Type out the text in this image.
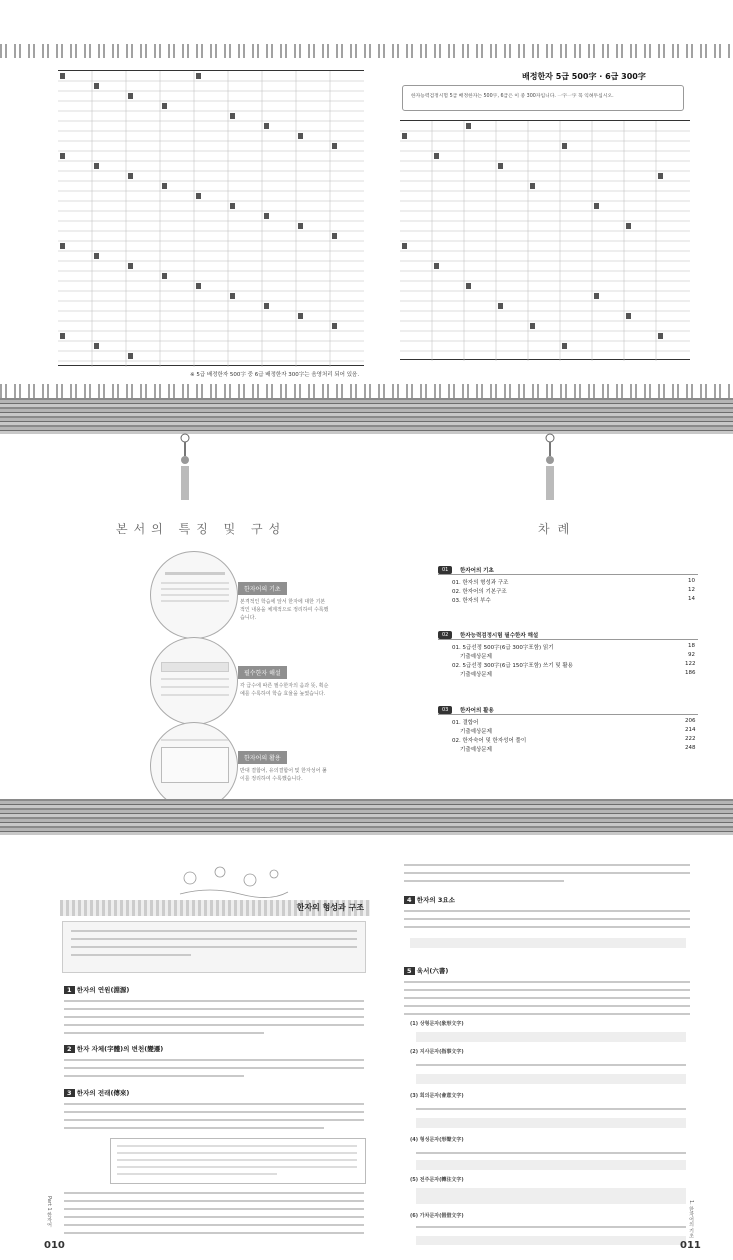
※ 5급 배정한자 500字 중 6급 배정한자 300字는 음영처리 되어 있음.
배정한자 5급 500字 · 6급 300字
한자능력검정시험 5급 배정한자는 500字, 6급은 이 중 300자입니다. 一字一字 꼭 익혀두십시오.
본서의 특징 및 구성
한자어의 기초
본격적인 학습에 앞서 한자에 대한 기본적인 내용을 체계적으로 정리하여 수록했습니다.
필수한자 해설
각 급수에 따른 필수한자의 음과 뜻, 획순 예를 수록하여 학습 효율을 높였습니다.
한자어의 활용
반대 결합어, 유의결합어 및 한자성어 풀이를 정리하여 수록했습니다.
차례
01	한자어의 기초
01. 한자의 형성과 구조	10
02. 한자어의 기본구조	12
03. 한자의 부수	14
02	한자능력검정시험 필수한자 해설
01. 5급선정 500字(6급 300字포함) 읽기	18
기출예상문제	92
02. 5급선정 300字(6급 150字포함) 쓰기 및 활용	122
기출예상문제	186
03	한자어의 활용
01. 결합어	206
기출예상문제	214
02. 한자숙어 및 한자성어 풀이	222
기출예상문제	248
한자의 형성과 구조
1 한자의 연원(淵源)
2 한자 자체(字體)의 변천(變遷)
3 한자의 전래(傳來)
Part 1 한자어
010
4 한자의 3요소
5 육서(六書)
(1) 상형문자(象形文字)
(2) 지사문자(指事文字)
(3) 회의문자(會意文字)
(4) 형성문자(形聲文字)
(5) 전주문자(轉注文字)
(6) 가차문자(假借文字)	1. 한자어의 기초
011
